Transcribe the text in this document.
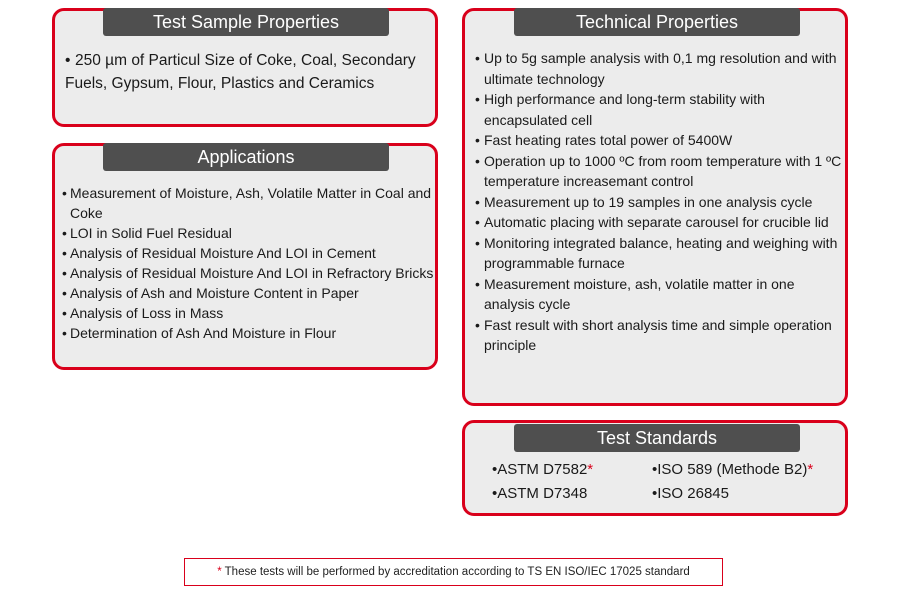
Test Sample Properties
• 250 µm of Particul Size of Coke, Coal, Secondary Fuels, Gypsum, Flour, Plastics and Ceramics
Applications
• Measurement of Moisture, Ash, Volatile Matter in Coal and Coke
• LOI in Solid Fuel Residual
• Analysis of Residual Moisture And LOI in Cement
• Analysis of Residual Moisture And LOI in Refractory Bricks
• Analysis of Ash and Moisture Content in Paper
• Analysis of Loss in Mass
• Determination of Ash And Moisture in Flour
Technical Properties
• Up to 5g sample analysis with 0,1 mg resolution and with ultimate technology
• High performance and long-term stability with encapsulated cell
• Fast heating rates total power of 5400W
• Operation up to 1000 ºC from room temperature with 1 ºC temperature increasemant control
• Measurement up to 19 samples in one analysis cycle
• Automatic placing with separate carousel for crucible lid
• Monitoring integrated balance, heating and weighing with programmable furnace
• Measurement moisture, ash, volatile matter in one analysis cycle
• Fast result with short analysis time and simple operation principle
Test Standards
•ASTM D7582*	•ISO 589 (Methode B2)*
•ASTM D7348	•ISO 26845
* These tests will be performed by accreditation according to TS EN ISO/IEC 17025 standard
